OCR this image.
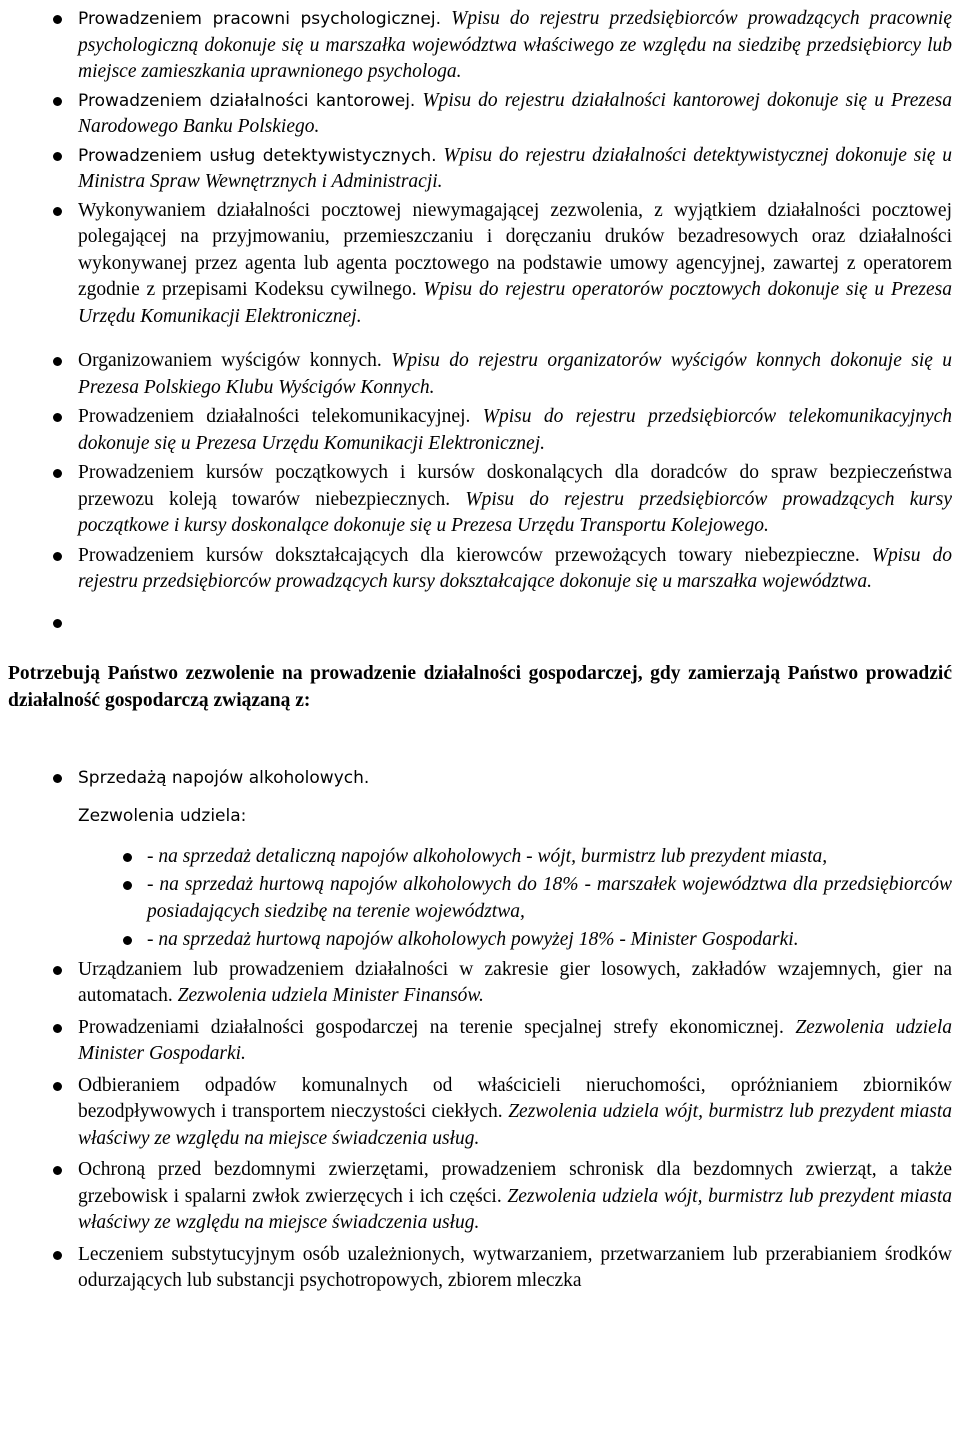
Prowadzeniem pracowni psychologicznej. Wpisu do rejestru przedsiębiorców prowadzących pracownię psychologiczną dokonuje się u marszałka województwa właściwego ze względu na siedzibę przedsiębiorcy lub miejsce zamieszkania uprawnionego psychologa.
Prowadzeniem działalności kantorowej. Wpisu do rejestru działalności kantorowej dokonuje się u Prezesa Narodowego Banku Polskiego.
Prowadzeniem usług detektywistycznych. Wpisu do rejestru działalności detektywistycznej dokonuje się u Ministra Spraw Wewnętrznych i Administracji.
Wykonywaniem działalności pocztowej niewymagającej zezwolenia, z wyjątkiem działalności pocztowej polegającej na przyjmowaniu, przemieszczaniu i doręczaniu druków bezadresowych oraz działalności wykonywanej przez agenta lub agenta pocztowego na podstawie umowy agencyjnej, zawartej z operatorem zgodnie z przepisami Kodeksu cywilnego. Wpisu do rejestru operatorów pocztowych dokonuje się u Prezesa Urzędu Komunikacji Elektronicznej.
Organizowaniem wyścigów konnych. Wpisu do rejestru organizatorów wyścigów konnych dokonuje się u Prezesa Polskiego Klubu Wyścigów Konnych.
Prowadzeniem działalności telekomunikacyjnej. Wpisu do rejestru przedsiębiorców telekomunikacyjnych dokonuje się u Prezesa Urzędu Komunikacji Elektronicznej.
Prowadzeniem kursów początkowych i kursów doskonalących dla doradców do spraw bezpieczeństwa przewozu koleją towarów niebezpiecznych. Wpisu do rejestru przedsiębiorców prowadzących kursy początkowe i kursy doskonalące dokonuje się u Prezesa Urzędu Transportu Kolejowego.
Prowadzeniem kursów dokształcających dla kierowców przewożących towary niebezpieczne. Wpisu do rejestru przedsiębiorców prowadzących kursy dokształcające dokonuje się u marszałka województwa.
Potrzebują Państwo zezwolenie na prowadzenie działalności gospodarczej, gdy zamierzają Państwo prowadzić działalność gospodarczą związaną z:
Sprzedażą napojów alkoholowych.
Zezwolenia udziela:
- na sprzedaż detaliczną napojów alkoholowych - wójt, burmistrz lub prezydent miasta,
- na sprzedaż hurtową napojów alkoholowych do 18% - marszałek województwa dla przedsiębiorców posiadających siedzibę na terenie województwa,
- na sprzedaż hurtową napojów alkoholowych powyżej 18% - Minister Gospodarki.
Urządzaniem lub prowadzeniem działalności w zakresie gier losowych, zakładów wzajemnych, gier na automatach. Zezwolenia udziela Minister Finansów.
Prowadzeniami działalności gospodarczej na terenie specjalnej strefy ekonomicznej. Zezwolenia udziela Minister Gospodarki.
Odbieraniem odpadów komunalnych od właścicieli nieruchomości, opróżnianiem zbiorników bezodpływowych i transportem nieczystości ciekłych. Zezwolenia udziela wójt, burmistrz lub prezydent miasta właściwy ze względu na miejsce świadczenia usług.
Ochroną przed bezdomnymi zwierzętami, prowadzeniem schronisk dla bezdomnych zwierząt, a także grzebowisk i spalarni zwłok zwierzęcych i ich części. Zezwolenia udziela wójt, burmistrz lub prezydent miasta właściwy ze względu na miejsce świadczenia usług.
Leczeniem substytucyjnym osób uzależnionych, wytwarzaniem, przetwarzaniem lub przerabianiem środków odurzających lub substancji psychotropowych, zbiorem mleczka
